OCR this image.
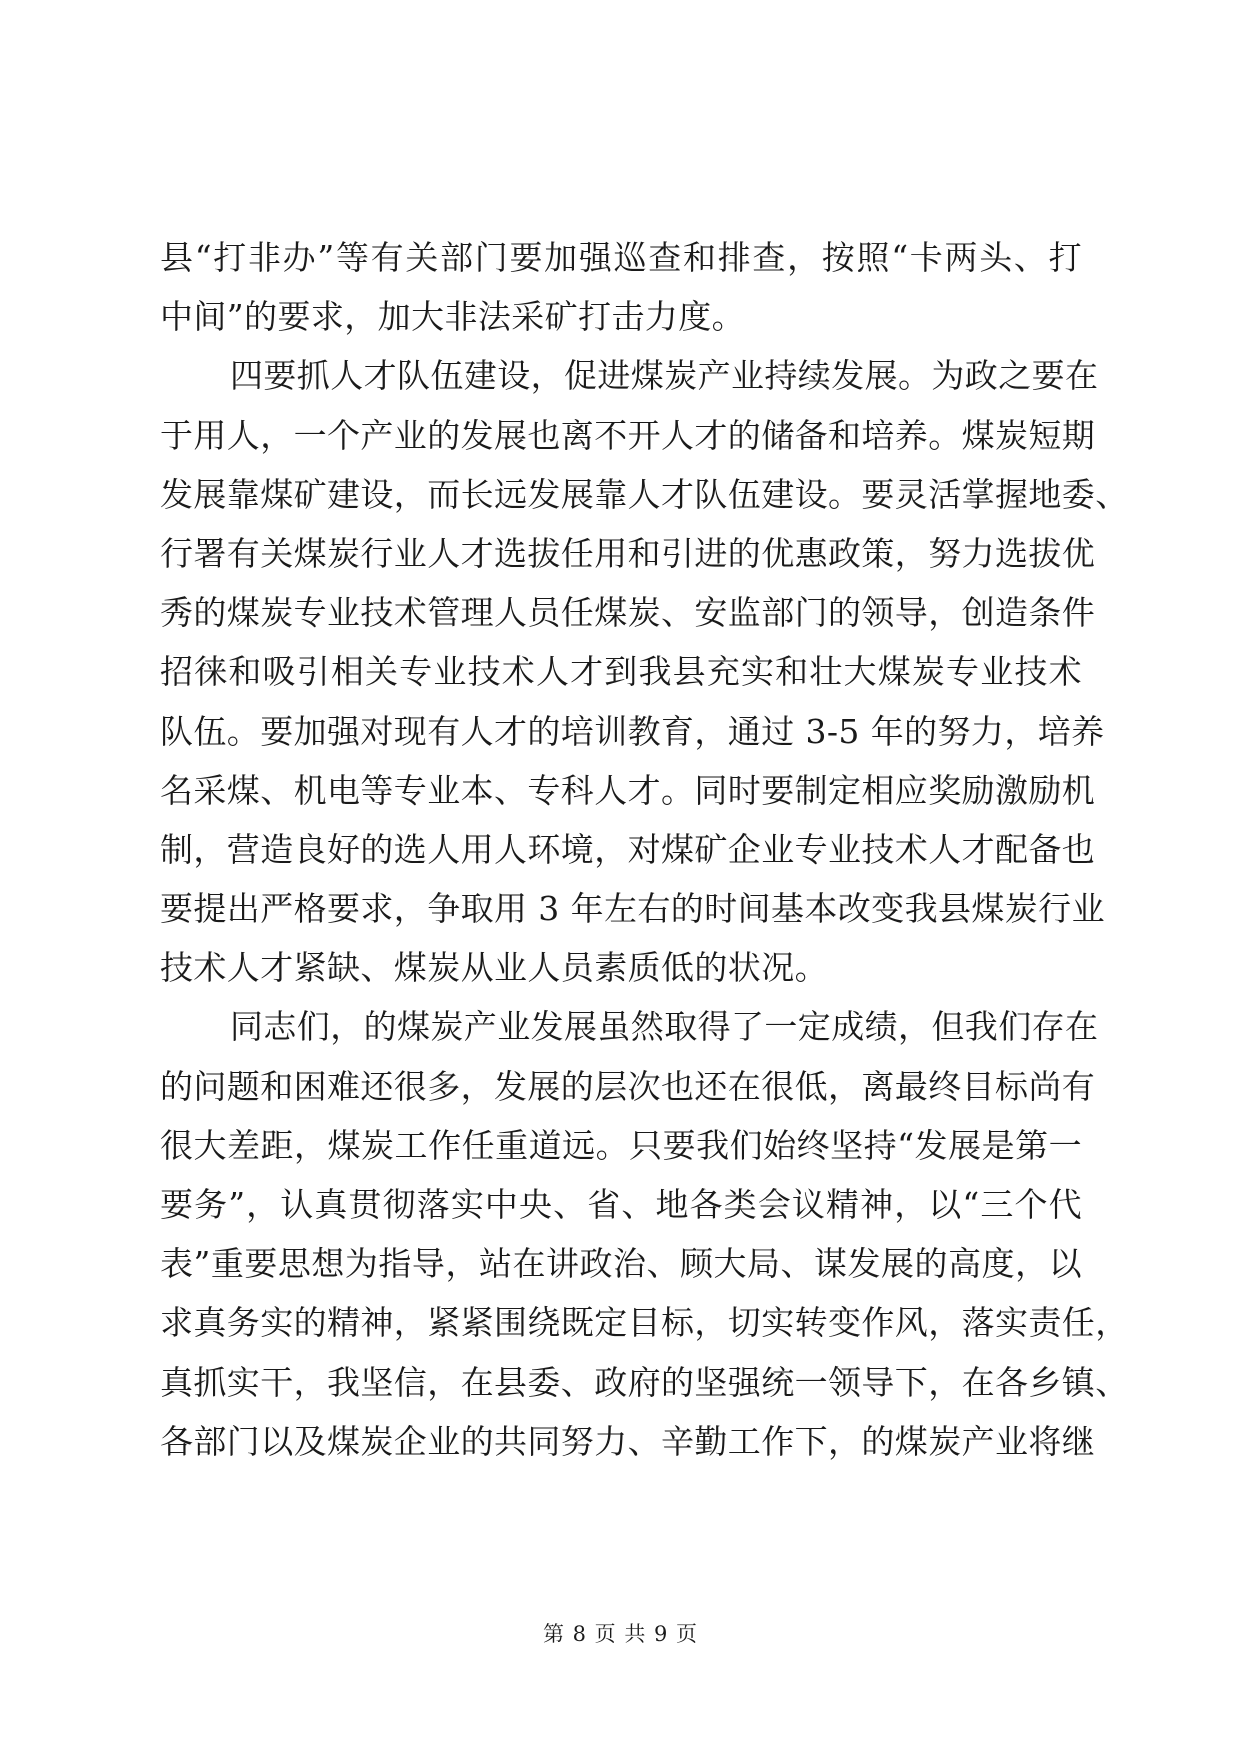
县“打非办”等有关部门要加强巡查和排查，按照“卡两头、打
中间”的要求，加大非法采矿打击力度。
四要抓人才队伍建设，促进煤炭产业持续发展。为政之要在
于用人，一个产业的发展也离不开人才的储备和培养。煤炭短期
发展靠煤矿建设，而长远发展靠人才队伍建设。要灵活掌握地委、
行署有关煤炭行业人才选拔任用和引进的优惠政策，努力选拔优
秀的煤炭专业技术管理人员任煤炭、安监部门的领导，创造条件
招徕和吸引相关专业技术人才到我县充实和壮大煤炭专业技术
队伍。要加强对现有人才的培训教育，通过 3-5 年的努力，培养
名采煤、机电等专业本、专科人才。同时要制定相应奖励激励机
制，营造良好的选人用人环境，对煤矿企业专业技术人才配备也
要提出严格要求，争取用 3 年左右的时间基本改变我县煤炭行业
技术人才紧缺、煤炭从业人员素质低的状况。
同志们，的煤炭产业发展虽然取得了一定成绩，但我们存在
的问题和困难还很多，发展的层次也还在很低，离最终目标尚有
很大差距，煤炭工作任重道远。只要我们始终坚持“发展是第一
要务”，认真贯彻落实中央、省、地各类会议精神，以“三个代
表”重要思想为指导，站在讲政治、顾大局、谋发展的高度，以
求真务实的精神，紧紧围绕既定目标，切实转变作风，落实责任，
真抓实干，我坚信，在县委、政府的坚强统一领导下，在各乡镇、
各部门以及煤炭企业的共同努力、辛勤工作下，的煤炭产业将继
第 8 页 共 9 页
